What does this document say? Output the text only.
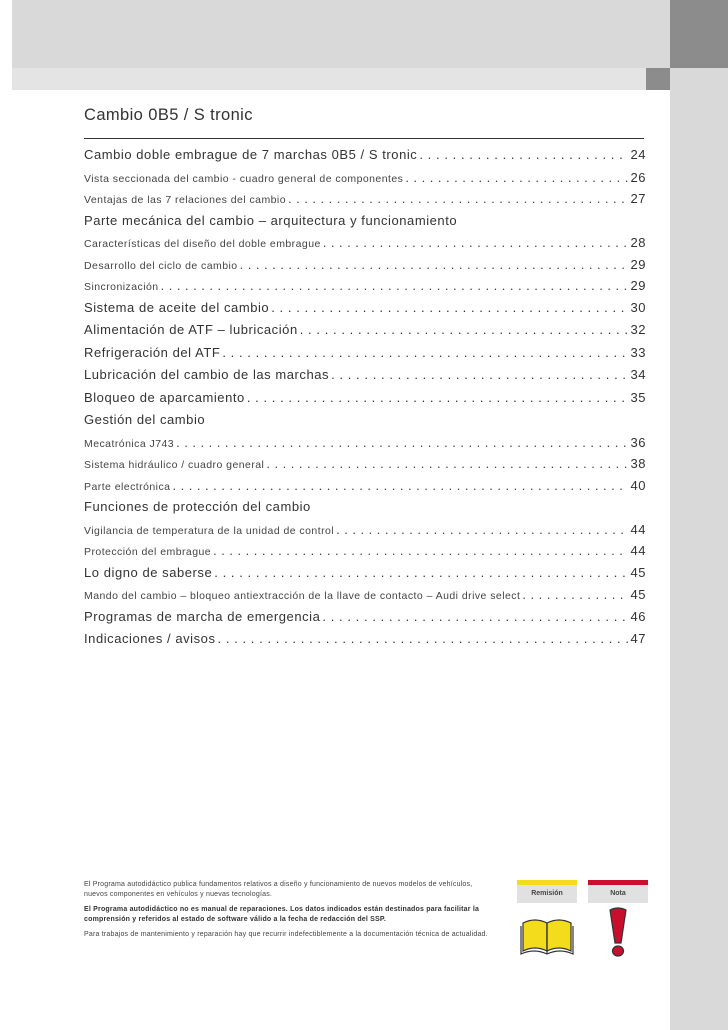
Cambio 0B5 / S tronic
Cambio doble embrague de 7 marchas 0B5 / S tronic . . .	24
Vista seccionada del cambio - cuadro general de componentes . . .	26
Ventajas de las 7 relaciones del cambio . . .	27
Parte mecánica del cambio – arquitectura y funcionamiento
Características del diseño del doble embrague . . .	28
Desarrollo del ciclo de cambio . . .	29
Sincronización . . .	29
Sistema de aceite del cambio . . .	30
Alimentación de ATF – lubricación . . .	32
Refrigeración del ATF . . .	33
Lubricación del cambio de las marchas . . .	34
Bloqueo de aparcamiento . . .	35
Gestión del cambio
Mecatrónica J743 . . .	36
Sistema hidráulico / cuadro general . . .	38
Parte electrónica . . .	40
Funciones de protección del cambio
Vigilancia de temperatura de la unidad de control . . .	44
Protección del embrague . . .	44
Lo digno de saberse . . .	45
Mando del cambio – bloqueo antiextracción de la llave de contacto – Audi drive select . . .	45
Programas de marcha de emergencia . . .	46
Indicaciones / avisos . . .	47

El Programa autodidáctico publica fundamentos relativos a diseño y funcionamiento de nuevos modelos de vehículos, nuevos componentes en vehículos y nuevas tecnologías.

El Programa autodidáctico no es manual de reparaciones. Los datos indicados están destinados para facilitar la comprensión y referidos al estado de software válido a la fecha de redacción del SSP.

Para trabajos de mantenimiento y reparación hay que recurrir indefectiblemente a la documentación técnica de actualidad.

Remisión	Nota
